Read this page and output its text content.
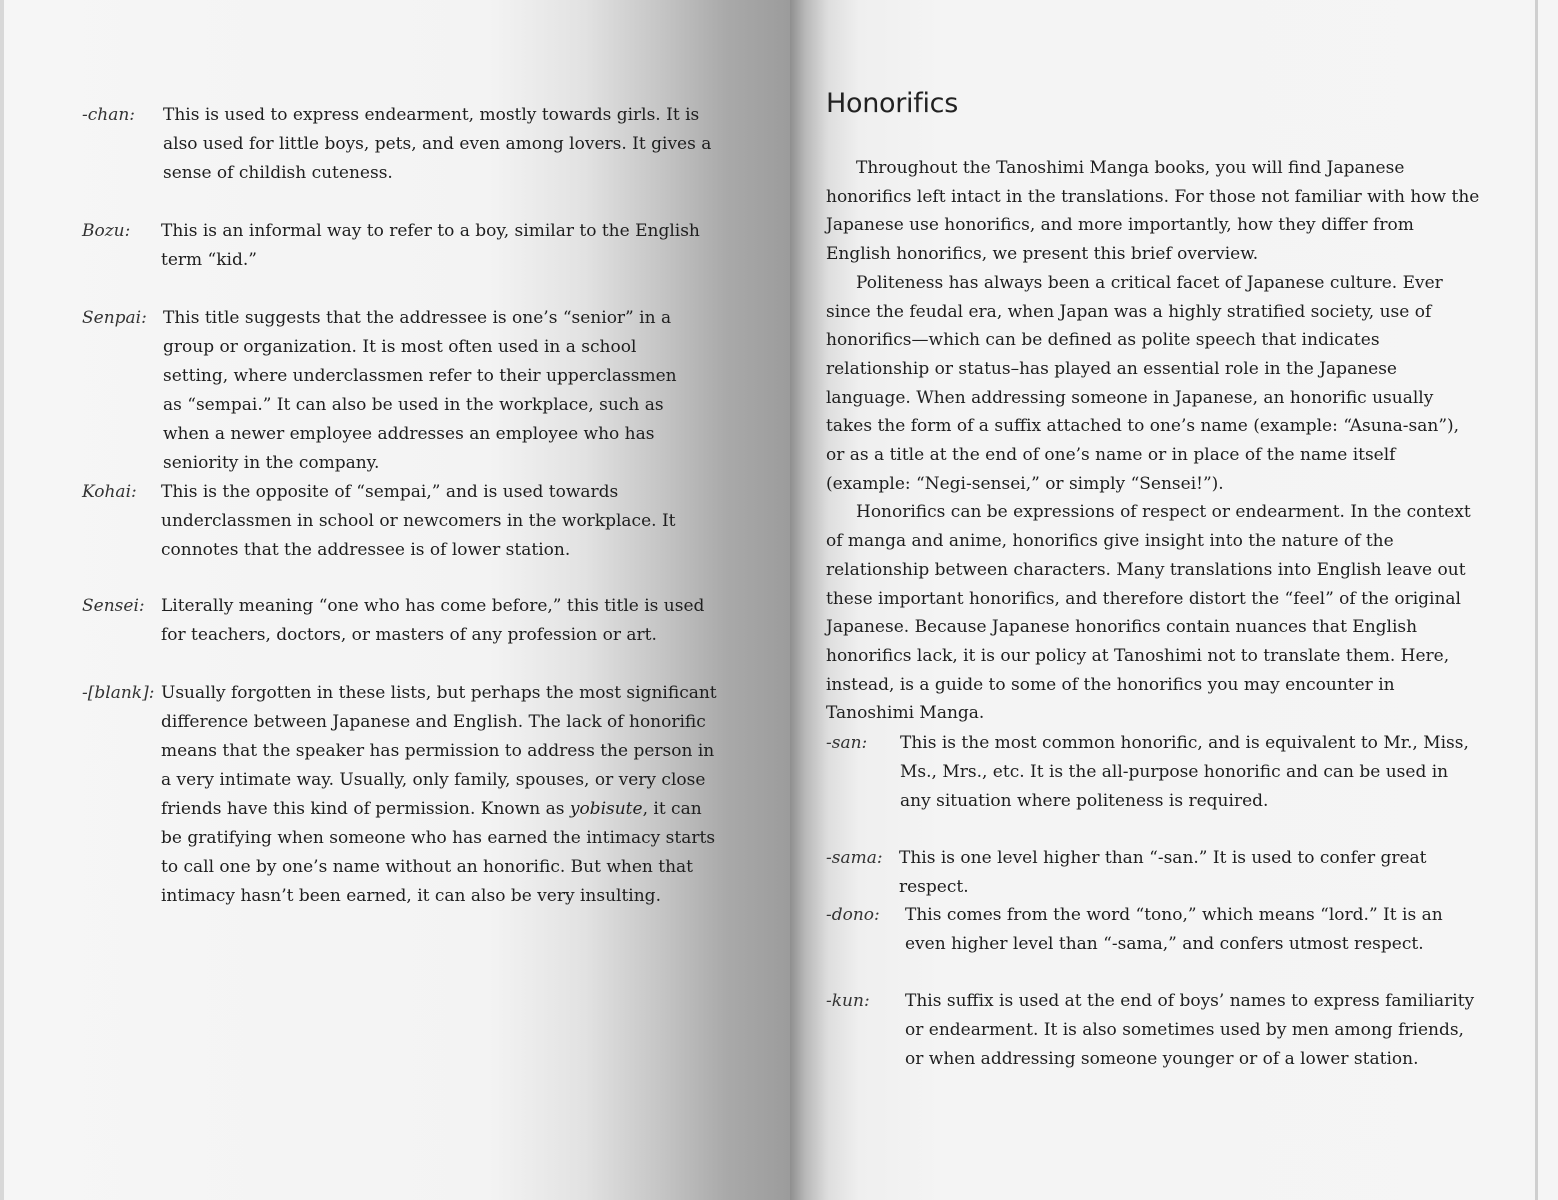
-chan: This is used to express endearment, mostly towards girls. It is also used for little boys, pets, and even among lovers. It gives a sense of childish cuteness.
Bozu: This is an informal way to refer to a boy, similar to the English term “kid.”
Senpai: This title suggests that the addressee is one’s “senior” in a group or organization. It is most often used in a school setting, where underclassmen refer to their upperclassmen as “sempai.” It can also be used in the workplace, such as when a newer employee addresses an employee who has seniority in the company.
Kohai: This is the opposite of “sempai,” and is used towards underclassmen in school or newcomers in the workplace. It connotes that the addressee is of lower station.
Sensei: Literally meaning “one who has come before,” this title is used for teachers, doctors, or masters of any profession or art.
-[blank]: Usually forgotten in these lists, but perhaps the most significant difference between Japanese and English. The lack of honorific means that the speaker has permission to address the person in a very intimate way. Usually, only family, spouses, or very close friends have this kind of permission. Known as yobisute, it can be gratifying when someone who has earned the intimacy starts to call one by one’s name without an honorific. But when that intimacy hasn’t been earned, it can also be very insulting.
Honorifics

Throughout the Tanoshimi Manga books, you will find Japanese honorifics left intact in the translations. For those not familiar with how the Japanese use honorifics, and more importantly, how they differ from English honorifics, we present this brief overview.

Politeness has always been a critical facet of Japanese culture. Ever since the feudal era, when Japan was a highly stratified society, use of honorifics—which can be defined as polite speech that indicates relationship or status–has played an essential role in the Japanese language. When addressing someone in Japanese, an honorific usually takes the form of a suffix attached to one’s name (example: “Asuna-san”), or as a title at the end of one’s name or in place of the name itself (example: “Negi-sensei,” or simply “Sensei!”).

Honorifics can be expressions of respect or endearment. In the context of manga and anime, honorifics give insight into the nature of the relationship between characters. Many translations into English leave out these important honorifics, and therefore distort the “feel” of the original Japanese. Because Japanese honorifics contain nuances that English honorifics lack, it is our policy at Tanoshimi not to translate them. Here, instead, is a guide to some of the honorifics you may encounter in Tanoshimi Manga.

-san: This is the most common honorific, and is equivalent to Mr., Miss, Ms., Mrs., etc. It is the all-purpose honorific and can be used in any situation where politeness is required.
-sama: This is one level higher than “-san.” It is used to confer great respect.
-dono: This comes from the word “tono,” which means “lord.” It is an even higher level than “-sama,” and confers utmost respect.
-kun: This suffix is used at the end of boys’ names to express familiarity or endearment. It is also sometimes used by men among friends, or when addressing someone younger or of a lower station.
